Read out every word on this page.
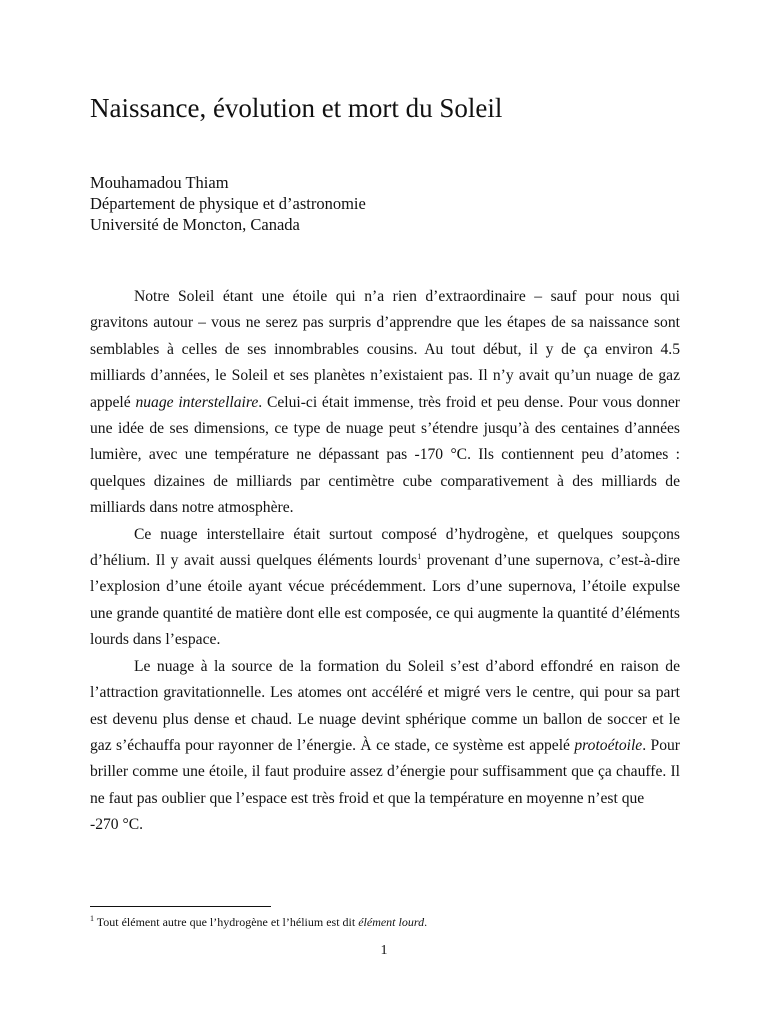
Naissance, évolution et mort du Soleil
Mouhamadou Thiam
Département de physique et d’astronomie
Université de Moncton, Canada

Notre Soleil étant une étoile qui n’a rien d’extraordinaire – sauf pour nous qui gravitons autour – vous ne serez pas surpris d’apprendre que les étapes de sa naissance sont semblables à celles de ses innombrables cousins. Au tout début, il y de ça environ 4.5 milliards d’années, le Soleil et ses planètes n’existaient pas. Il n’y avait qu’un nuage de gaz appelé nuage interstellaire. Celui-ci était immense, très froid et peu dense. Pour vous donner une idée de ses dimensions, ce type de nuage peut s’étendre jusqu’à des centaines d’années lumière, avec une température ne dépassant pas -170 °C. Ils contiennent peu d’atomes : quelques dizaines de milliards par centimètre cube comparativement à des milliards de milliards dans notre atmosphère.

Ce nuage interstellaire était surtout composé d’hydrogène, et quelques soupçons d’hélium. Il y avait aussi quelques éléments lourds$^1$ provenant d’une supernova, c’est-à-dire l’explosion d’une étoile ayant vécue précédemment. Lors d’une supernova, l’étoile expulse une grande quantité de matière dont elle est composée, ce qui augmente la quantité d’éléments lourds dans l’espace.

Le nuage à la source de la formation du Soleil s’est d’abord effondré en raison de l’attraction gravitationnelle. Les atomes ont accéléré et migré vers le centre, qui pour sa part est devenu plus dense et chaud. Le nuage devint sphérique comme un ballon de soccer et le gaz s’échauffa pour rayonner de l’énergie. À ce stade, ce système est appelé protoétoile. Pour briller comme une étoile, il faut produire assez d’énergie pour suffisamment que ça chauffe. Il ne faut pas oublier que l’espace est très froid et que la température en moyenne n’est que

-270 °C.

$^1$ Tout élément autre que l’hydrogène et l’hélium est dit élément lourd.
1
